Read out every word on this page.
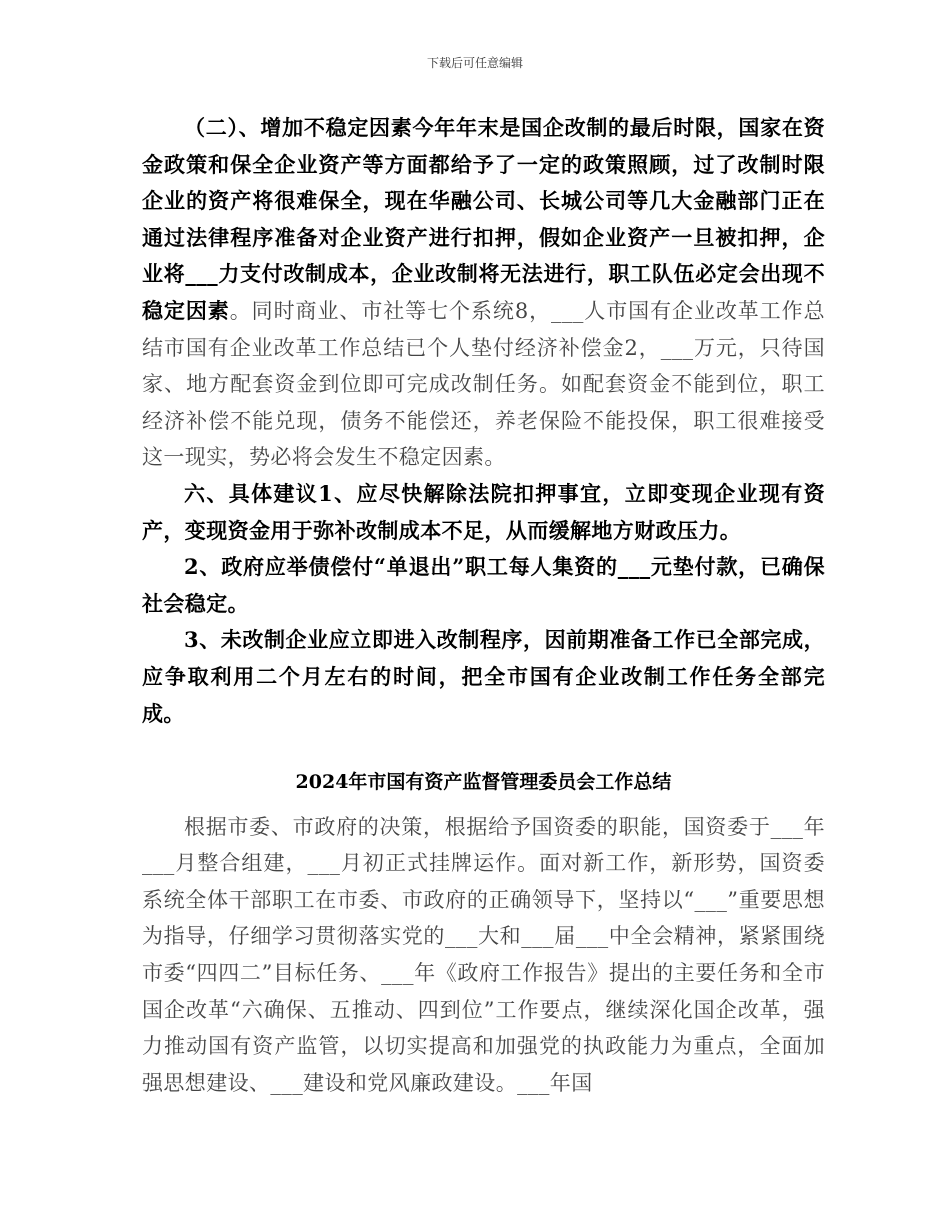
下载后可任意编辑

（二）、增加不稳定因素今年年末是国企改制的最后时限，国家在资金政策和保全企业资产等方面都给予了一定的政策照顾，过了改制时限企业的资产将很难保全，现在华融公司、长城公司等几大金融部门正在通过法律程序准备对企业资产进行扣押，假如企业资产一旦被扣押，企业将___力支付改制成本，企业改制将无法进行，职工队伍必定会出现不稳定因素。同时商业、市社等七个系统8，___人市国有企业改革工作总结市国有企业改革工作总结已个人垫付经济补偿金2，___万元，只待国家、地方配套资金到位即可完成改制任务。如配套资金不能到位，职工经济补偿不能兑现，债务不能偿还，养老保险不能投保，职工很难接受这一现实，势必将会发生不稳定因素。

六、具体建议1、应尽快解除法院扣押事宜，立即变现企业现有资产，变现资金用于弥补改制成本不足，从而缓解地方财政压力。

2、政府应举债偿付“单退出”职工每人集资的___元垫付款，已确保社会稳定。

3、未改制企业应立即进入改制程序，因前期准备工作已全部完成，应争取利用二个月左右的时间，把全市国有企业改制工作任务全部完成。

2024年市国有资产监督管理委员会工作总结

根据市委、市政府的决策，根据给予国资委的职能，国资委于___年___月整合组建，___月初正式挂牌运作。面对新工作，新形势，国资委系统全体干部职工在市委、市政府的正确领导下，坚持以“___”重要思想为指导，仔细学习贯彻落实党的___大和___届___中全会精神，紧紧围绕市委“四四二”目标任务、___年《政府工作报告》提出的主要任务和全市国企改革“六确保、五推动、四到位”工作要点，继续深化国企改革，强力推动国有资产监管，以切实提高和加强党的执政能力为重点，全面加强思想建设、___建设和党风廉政建设。___年国
